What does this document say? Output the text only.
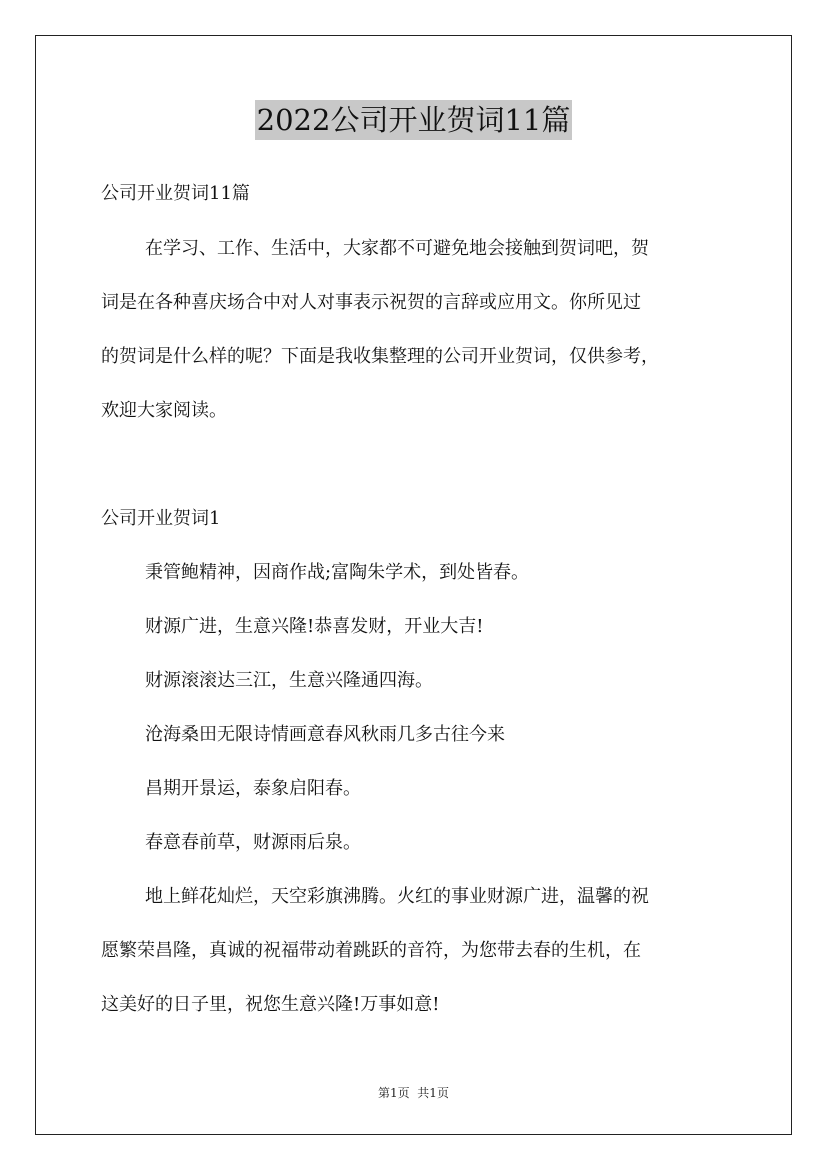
2022公司开业贺词11篇
公司开业贺词11篇
在学习、工作、生活中，大家都不可避免地会接触到贺词吧，贺
词是在各种喜庆场合中对人对事表示祝贺的言辞或应用文。你所见过
的贺词是什么样的呢？下面是我收集整理的公司开业贺词，仅供参考，
欢迎大家阅读。
公司开业贺词1
秉管鲍精神，因商作战;富陶朱学术，到处皆春。
财源广进，生意兴隆!恭喜发财，开业大吉!
财源滚滚达三江，生意兴隆通四海。
沧海桑田无限诗情画意春风秋雨几多古往今来
昌期开景运，泰象启阳春。
春意春前草，财源雨后泉。
地上鲜花灿烂，天空彩旗沸腾。火红的事业财源广进，温馨的祝
愿繁荣昌隆，真诚的祝福带动着跳跃的音符，为您带去春的生机，在
这美好的日子里，祝您生意兴隆!万事如意!
第1页  共1页
